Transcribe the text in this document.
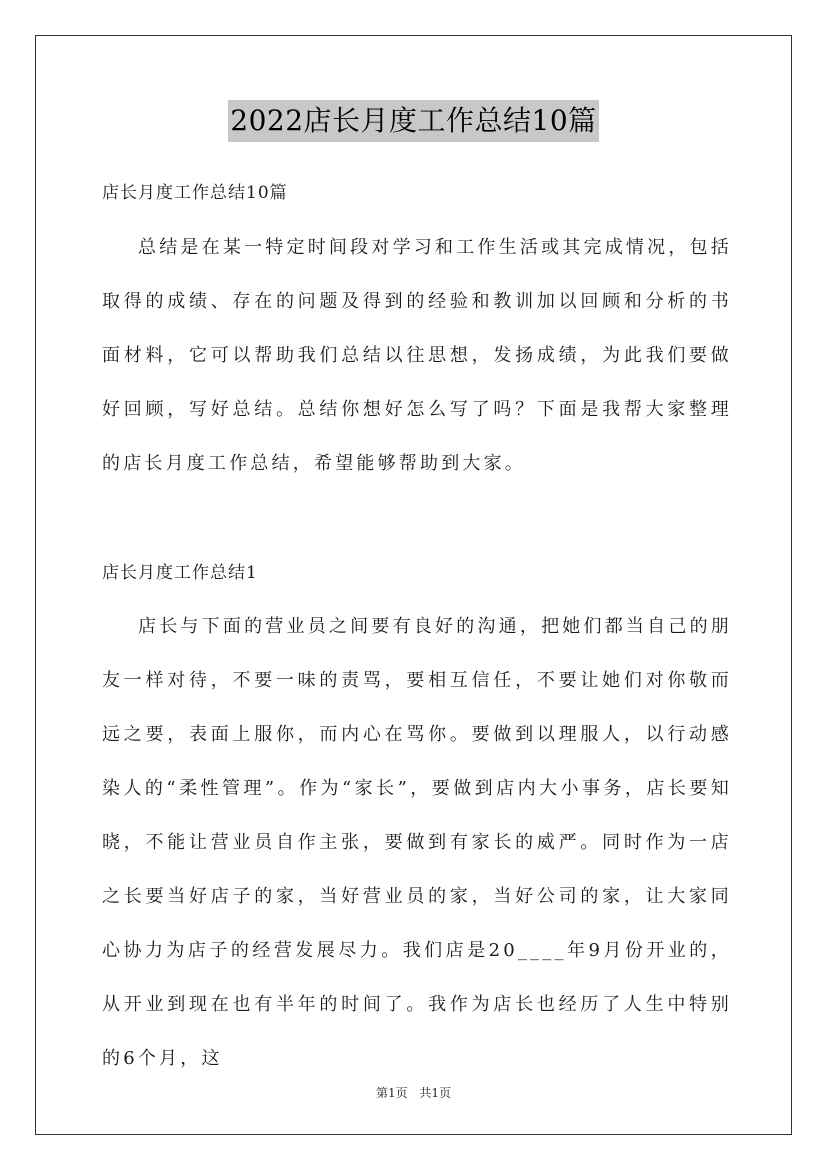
2022店长月度工作总结10篇
店长月度工作总结10篇

总结是在某一特定时间段对学习和工作生活或其完成情况，包括取得的成绩、存在的问题及得到的经验和教训加以回顾和分析的书面材料，它可以帮助我们总结以往思想，发扬成绩，为此我们要做好回顾，写好总结。总结你想好怎么写了吗？下面是我帮大家整理的店长月度工作总结，希望能够帮助到大家。

店长月度工作总结1

店长与下面的营业员之间要有良好的沟通，把她们都当自己的朋友一样对待，不要一味的责骂，要相互信任，不要让她们对你敬而远之要，表面上服你，而内心在骂你。要做到以理服人，以行动感染人的“柔性管理”。作为“家长”，要做到店内大小事务，店长要知晓，不能让营业员自作主张，要做到有家长的威严。同时作为一店之长要当好店子的家，当好营业员的家，当好公司的家，让大家同心协力为店子的经营发展尽力。我们店是20____年9月份开业的，从开业到现在也有半年的时间了。我作为店长也经历了人生中特别的6个月，这

第1页 共1页
